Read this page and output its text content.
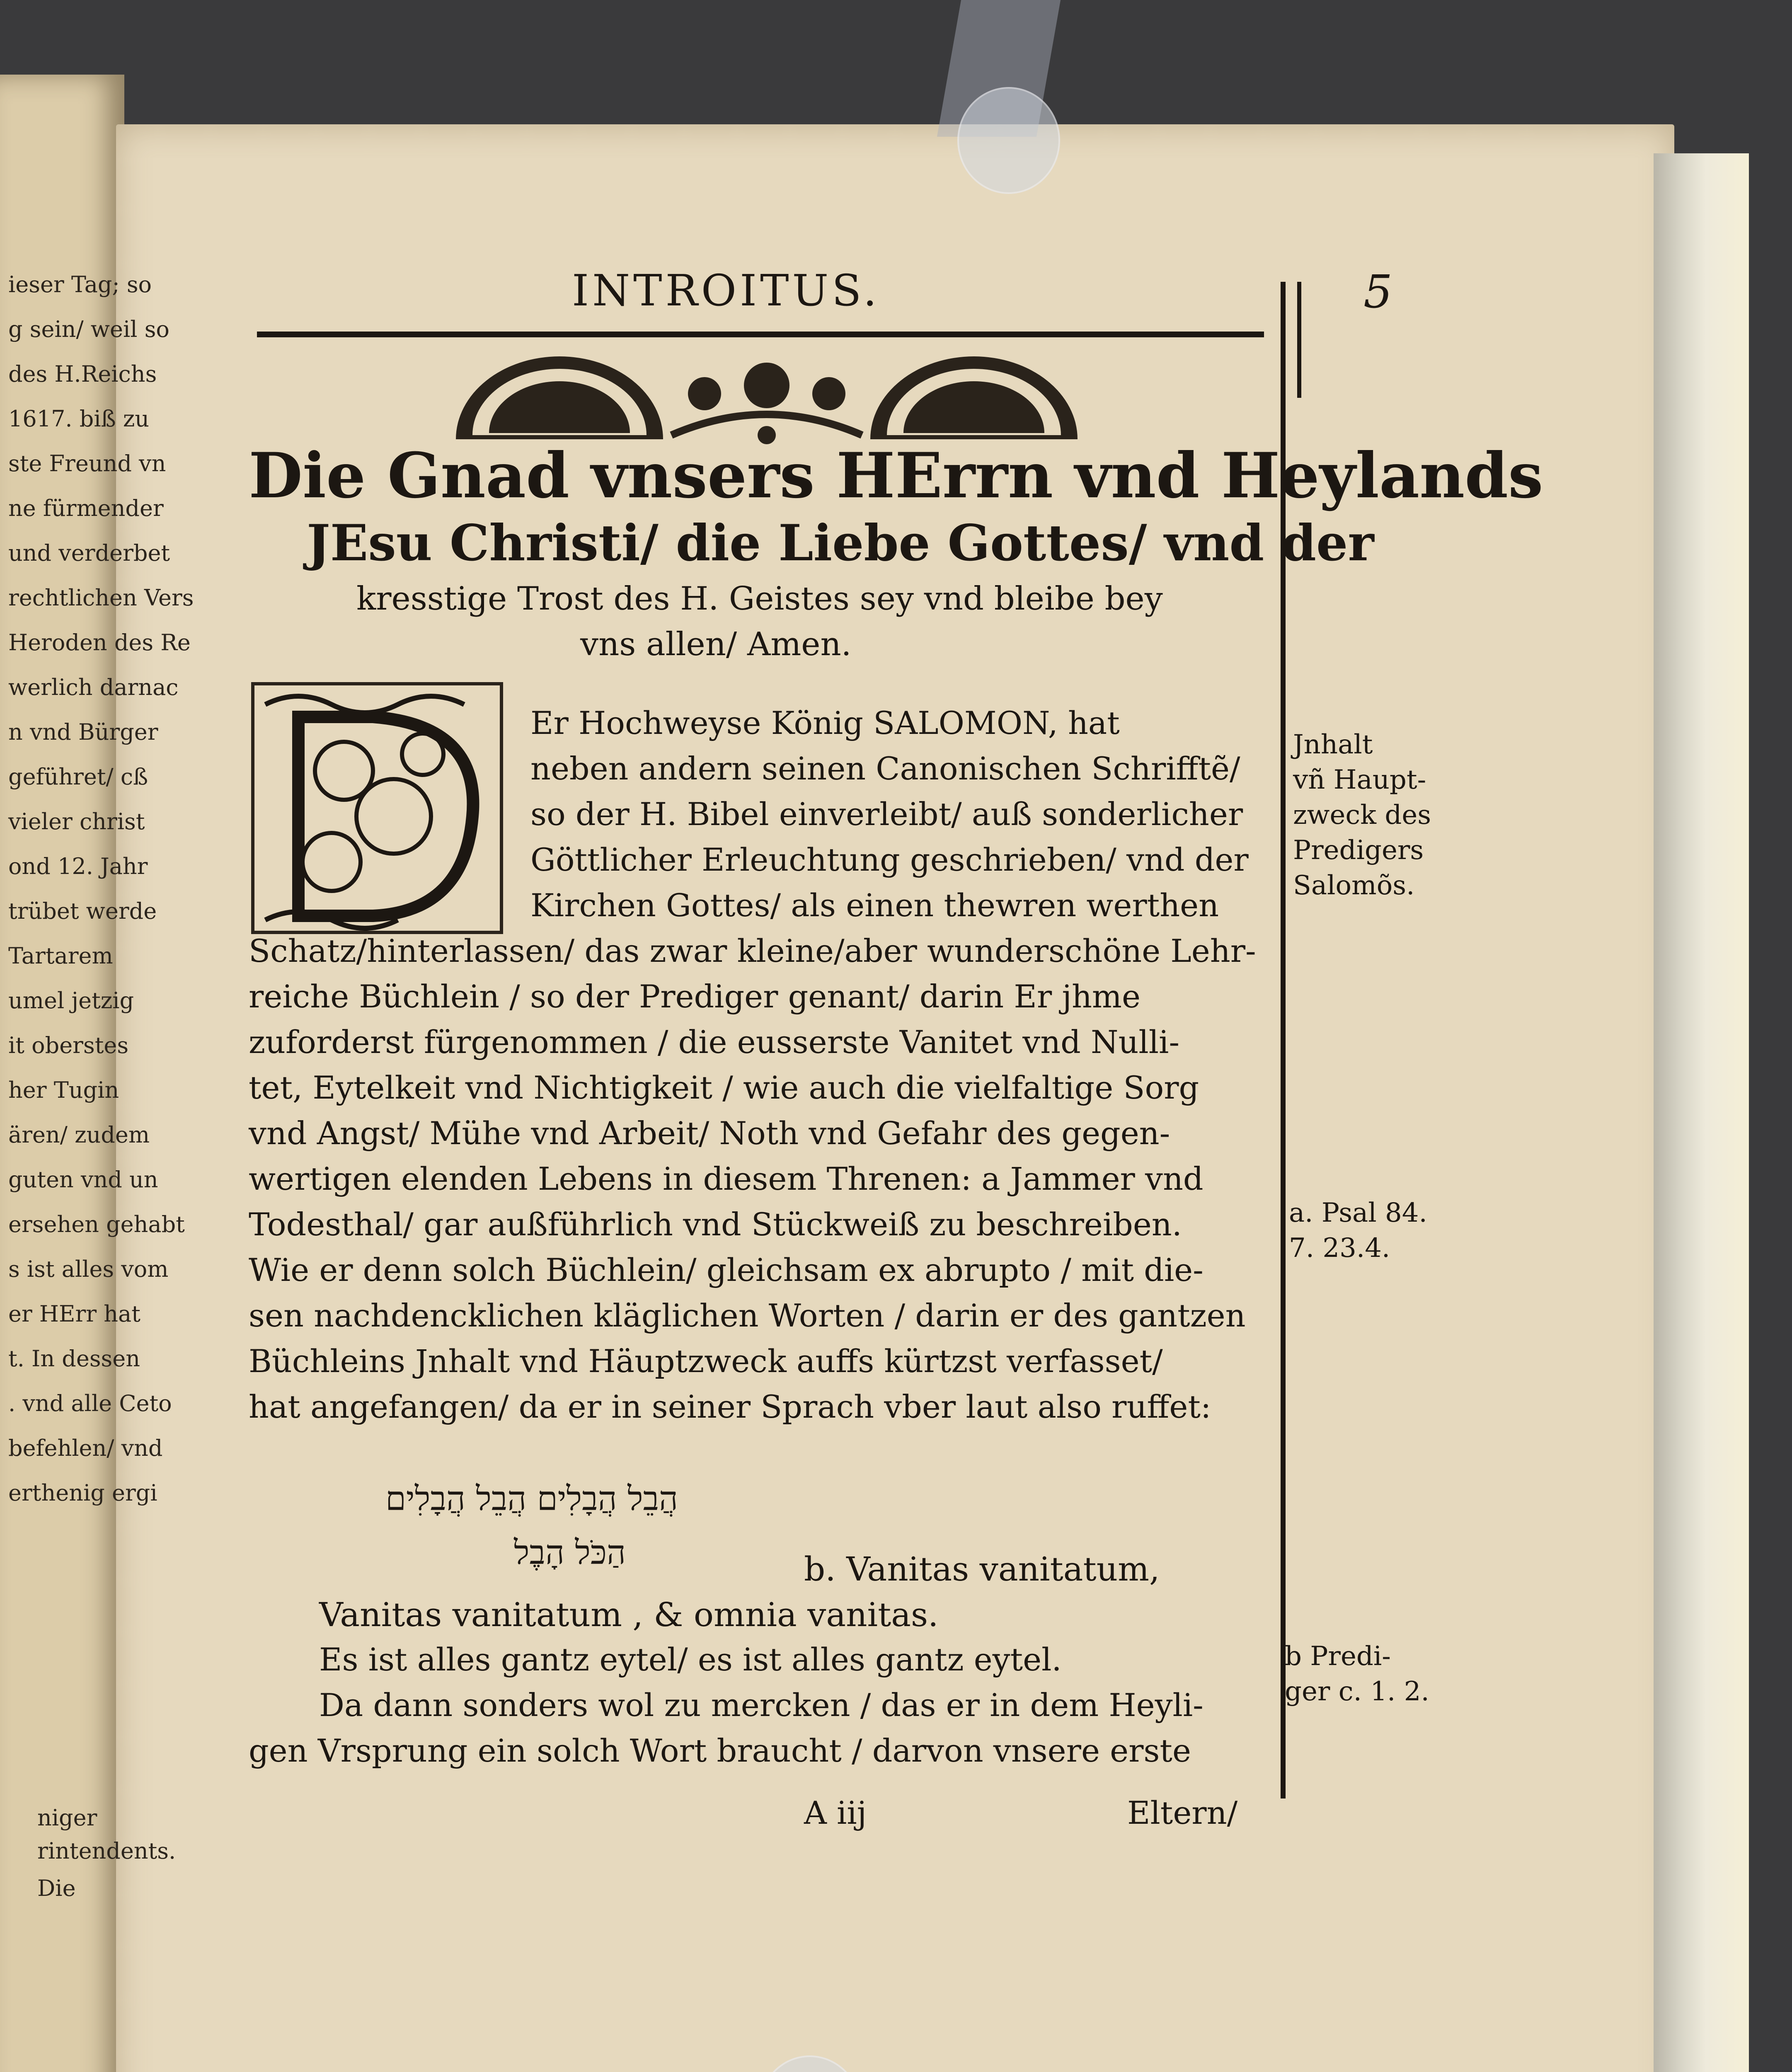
ieser Tag; so
g sein/ weil so
des H.Reichs
1617. biß zu
ste Freund vn
ne fürmender
und verderbet
rechtlichen Vers
Heroden des Re
werlich darnac
n vnd Bürger
geführet/ cß
vieler christ
ond 12. Jahr
trübet werde
Tartarem
umel jetzig
it oberstes
her Tugin
ären/ zudem
guten vnd un
ersehen gehabt
s ist alles vom
er HErr hat
t. In dessen
. vnd alle Ceto
befehlen/ vnd
erthenig ergi
niger
rintendents.
Die
INTROITUS.	5
Die Gnad vnsers HErrn vnd Heylands
JEsu Christi/ die Liebe Gottes/ vnd der
kresstige Trost des H. Geistes sey vnd bleibe bey
vns allen/ Amen.
Er Hochweyse König SALOMON, hat
neben andern seinen Canonischen Schrifftẽ/
so der H. Bibel einverleibt/ auß sonderlicher
Göttlicher Erleuchtung geschrieben/ vnd der
Kirchen Gottes/ als einen thewren werthen
Schatz/hinterlassen/ das zwar kleine/aber wunderschöne Lehr-
reiche Büchlein / so der Prediger genant/ darin Er jhme
zuforderst fürgenommen / die eusserste Vanitet vnd Nulli-
tet, Eytelkeit vnd Nichtigkeit / wie auch die vielfaltige Sorg
vnd Angst/ Mühe vnd Arbeit/ Noth vnd Gefahr des gegen-
wertigen elenden Lebens in diesem Threnen: a Jammer vnd
Todesthal/ gar außführlich vnd Stückweiß zu beschreiben.
Wie er denn solch Büchlein/ gleichsam ex abrupto / mit die-
sen nachdencklichen kläglichen Worten / darin er des gantzen
Büchleins Jnhalt vnd Häuptzweck auffs kürtzst verfasset/
hat angefangen/ da er in seiner Sprach vber laut also ruffet:
הֲבֵל הֲבָלִים הֲבֵל הֲבָלִים
הַכֹּל הָבֶל	b. Vanitas vanitatum,
Vanitas vanitatum , & omnia vanitas.
Es ist alles gantz eytel/ es ist alles gantz eytel.
Da dann sonders wol zu mercken / das er in dem Heyli-
gen Vrsprung ein solch Wort braucht / darvon vnsere erste
A iij	Eltern/
Jnhalt
vñ Haupt-
zweck des
Predigers
Salomõs.
a. Psal 84.
7. 23.4.
b Predi-
ger c. 1. 2.
